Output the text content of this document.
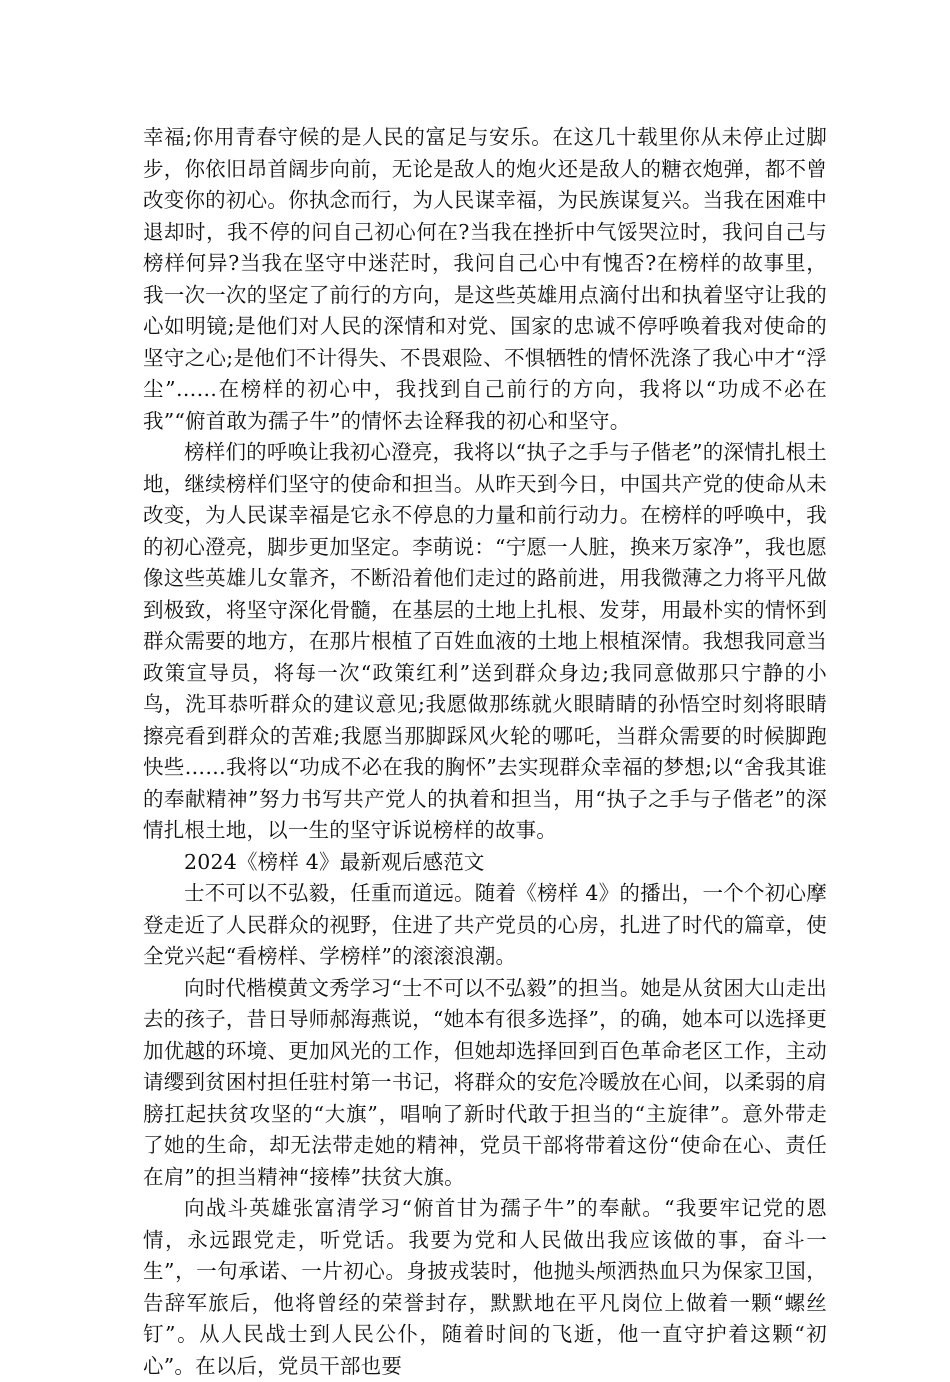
幸福;你用青春守候的是人民的富足与安乐。在这几十载里你从未停止过脚步，你依旧昂首阔步向前，无论是敌人的炮火还是敌人的糖衣炮弹，都不曾改变你的初心。你执念而行，为人民谋幸福，为民族谋复兴。当我在困难中退却时，我不停的问自己初心何在?当我在挫折中气馁哭泣时，我问自己与榜样何异?当我在坚守中迷茫时，我问自己心中有愧否?在榜样的故事里，我一次一次的坚定了前行的方向，是这些英雄用点滴付出和执着坚守让我的心如明镜;是他们对人民的深情和对党、国家的忠诚不停呼唤着我对使命的坚守之心;是他们不计得失、不畏艰险、不惧牺牲的情怀洗涤了我心中才“浮尘”……在榜样的初心中，我找到自己前行的方向，我将以“功成不必在我”“俯首敢为孺子牛”的情怀去诠释我的初心和坚守。

榜样们的呼唤让我初心澄亮，我将以“执子之手与子偕老”的深情扎根土地，继续榜样们坚守的使命和担当。从昨天到今日，中国共产党的使命从未改变，为人民谋幸福是它永不停息的力量和前行动力。在榜样的呼唤中，我的初心澄亮，脚步更加坚定。李萌说：“宁愿一人脏，换来万家净”，我也愿像这些英雄儿女靠齐，不断沿着他们走过的路前进，用我微薄之力将平凡做到极致，将坚守深化骨髓，在基层的土地上扎根、发芽，用最朴实的情怀到群众需要的地方，在那片根植了百姓血液的土地上根植深情。我想我同意当政策宣导员，将每一次“政策红利”送到群众身边;我同意做那只宁静的小鸟，洗耳恭听群众的建议意见;我愿做那练就火眼睛睛的孙悟空时刻将眼睛擦亮看到群众的苦难;我愿当那脚踩风火轮的哪吒，当群众需要的时候脚跑快些……我将以“功成不必在我的胸怀”去实现群众幸福的梦想;以“舍我其谁的奉献精神”努力书写共产党人的执着和担当，用“执子之手与子偕老”的深情扎根土地，以一生的坚守诉说榜样的故事。

2024《榜样 4》最新观后感范文

士不可以不弘毅，任重而道远。随着《榜样 4》的播出，一个个初心摩登走近了人民群众的视野，住进了共产党员的心房，扎进了时代的篇章，使全党兴起“看榜样、学榜样”的滚滚浪潮。

向时代楷模黄文秀学习“士不可以不弘毅”的担当。她是从贫困大山走出去的孩子，昔日导师郝海燕说，“她本有很多选择”，的确，她本可以选择更加优越的环境、更加风光的工作，但她却选择回到百色革命老区工作，主动请缨到贫困村担任驻村第一书记，将群众的安危冷暖放在心间，以柔弱的肩膀扛起扶贫攻坚的“大旗”，唱响了新时代敢于担当的“主旋律”。意外带走了她的生命，却无法带走她的精神，党员干部将带着这份“使命在心、责任在肩”的担当精神“接棒”扶贫大旗。

向战斗英雄张富清学习“俯首甘为孺子牛”的奉献。“我要牢记党的恩情，永远跟党走，听党话。我要为党和人民做出我应该做的事，奋斗一生”，一句承诺、一片初心。身披戎装时，他抛头颅洒热血只为保家卫国，告辞军旅后，他将曾经的荣誉封存，默默地在平凡岗位上做着一颗“螺丝钉”。从人民战士到人民公仆，随着时间的飞逝，他一直守护着这颗“初心”。在以后，党员干部也要
